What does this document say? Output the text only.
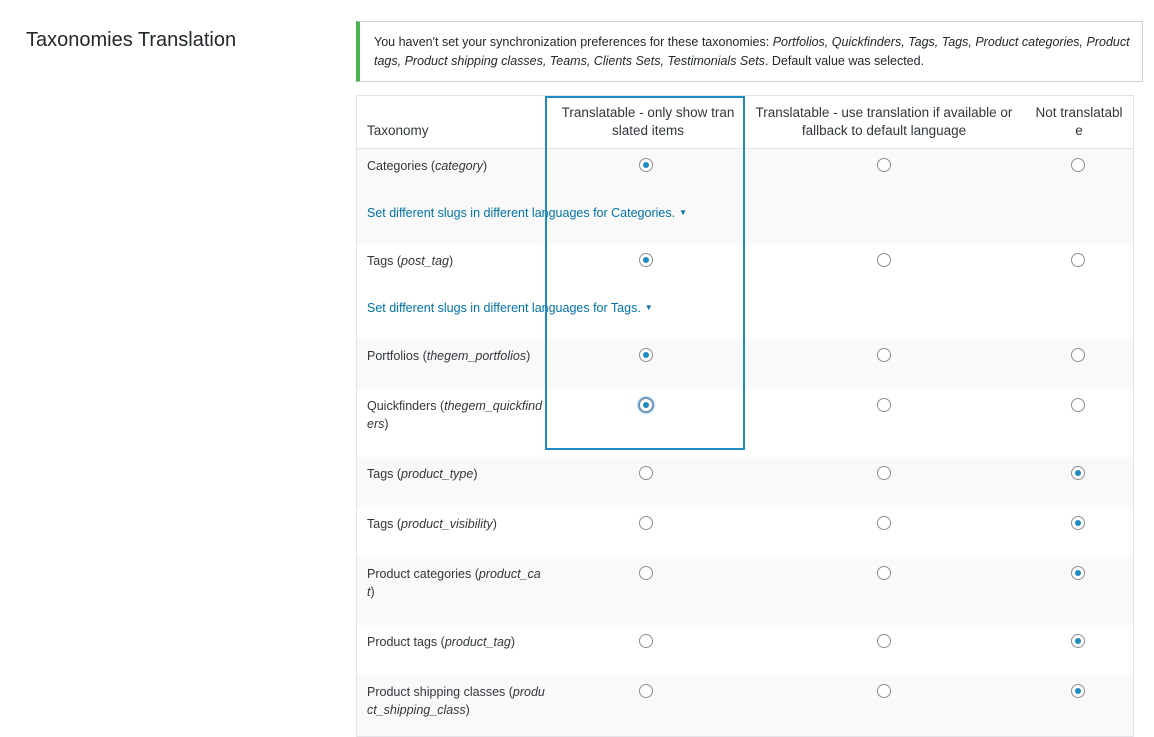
Taxonomies Translation	You haven't set your synchronization preferences for these taxonomies: Portfolios, Quickfinders, Tags, Tags, Product categories, Product tags, Product shipping classes, Teams, Clients Sets, Testimonials Sets. Default value was selected.
Taxonomy
Translatable - only show translated items
Translatable - use translation if available or fallback to default language
Not translatable
Categories (category)
Set different slugs in different languages for Categories. ▼
Tags (post_tag)
Set different slugs in different languages for Tags. ▼
Portfolios (thegem_portfolios)
Quickfinders (thegem_quickfinders)
Tags (product_type)
Tags (product_visibility)
Product categories (product_cat)
Product tags (product_tag)
Product shipping classes (product_shipping_class)
